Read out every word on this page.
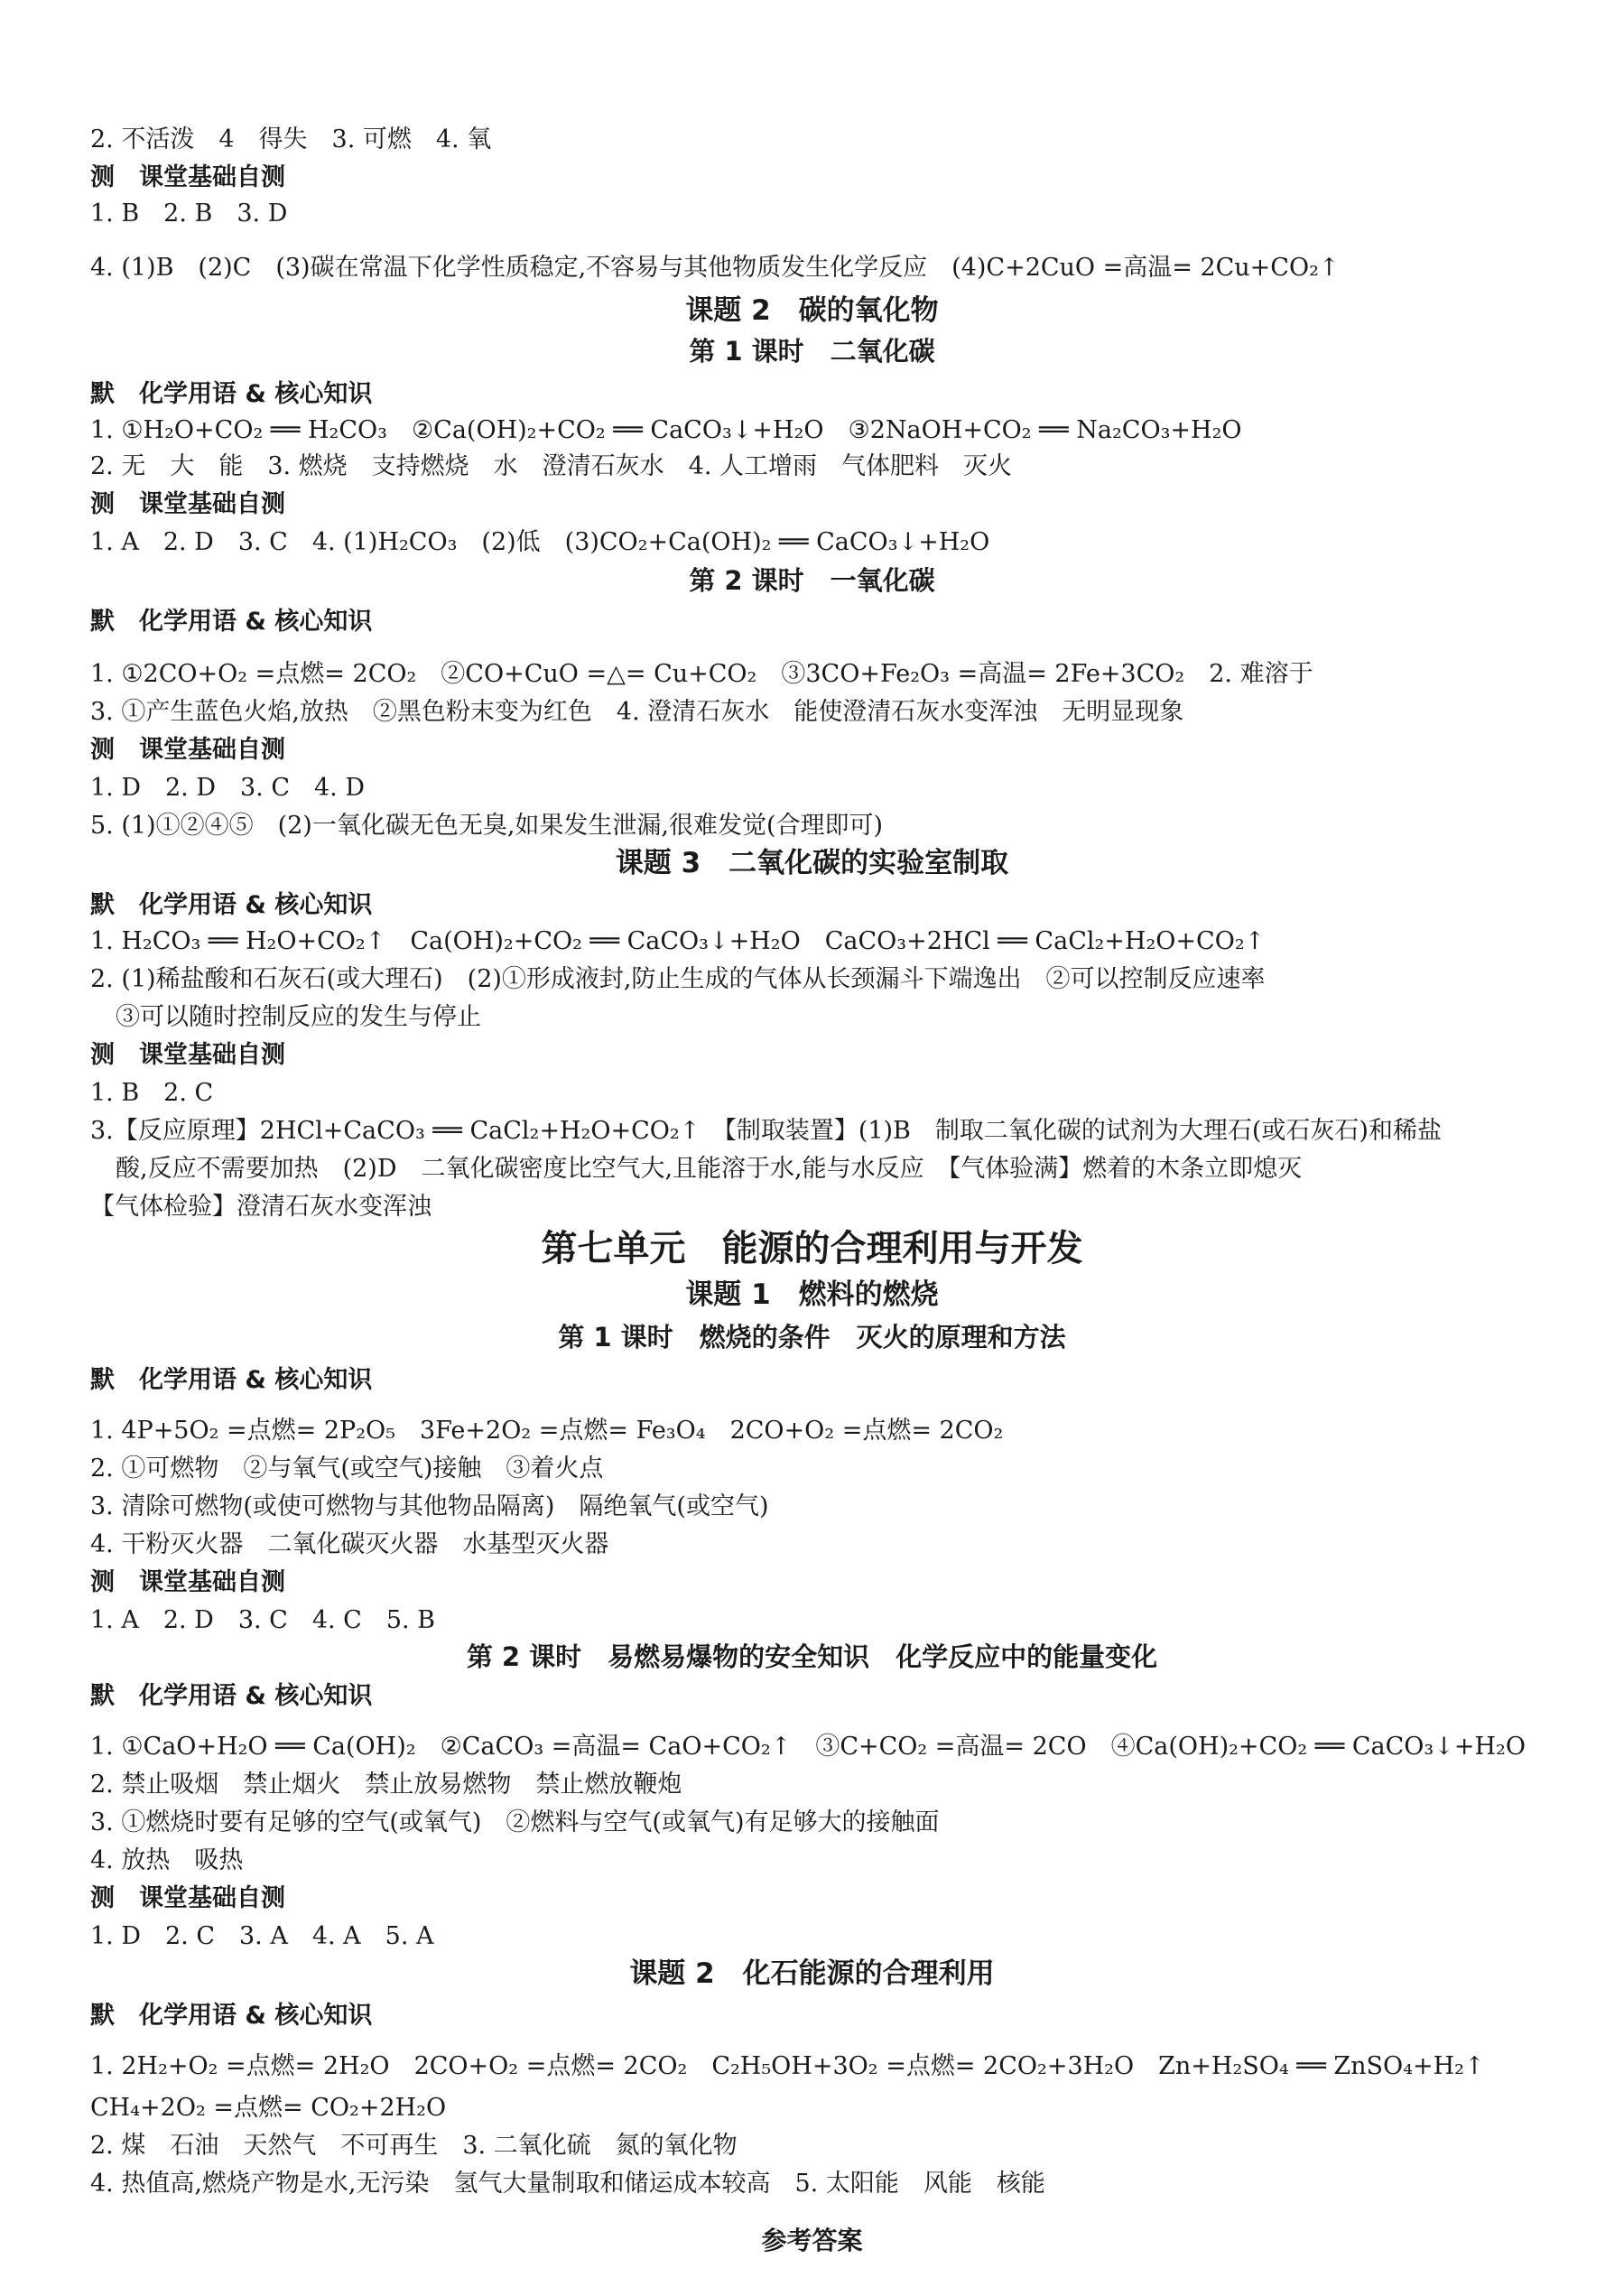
2. 不活泼　4　得失　3. 可燃　4. 氧
测　课堂基础自测
1. B　2. B　3. D
4. (1)B　(2)C　(3)碳在常温下化学性质稳定,不容易与其他物质发生化学反应　(4)C+2CuO =高温= 2Cu+CO₂↑
课题 2　碳的氧化物
第 1 课时　二氧化碳
默　化学用语 & 核心知识
1. ①H₂O+CO₂ ══ H₂CO₃　②Ca(OH)₂+CO₂ ══ CaCO₃↓+H₂O　③2NaOH+CO₂ ══ Na₂CO₃+H₂O
2. 无　大　能　3. 燃烧　支持燃烧　水　澄清石灰水　4. 人工增雨　气体肥料　灭火
测　课堂基础自测
1. A　2. D　3. C　4. (1)H₂CO₃　(2)低　(3)CO₂+Ca(OH)₂ ══ CaCO₃↓+H₂O
第 2 课时　一氧化碳
默　化学用语 & 核心知识
1. ①2CO+O₂ =点燃= 2CO₂　②CO+CuO =△= Cu+CO₂　③3CO+Fe₂O₃ =高温= 2Fe+3CO₂　2. 难溶于
3. ①产生蓝色火焰,放热　②黑色粉末变为红色　4. 澄清石灰水　能使澄清石灰水变浑浊　无明显现象
测　课堂基础自测
1. D　2. D　3. C　4. D
5. (1)①②④⑤　(2)一氧化碳无色无臭,如果发生泄漏,很难发觉(合理即可)
课题 3　二氧化碳的实验室制取
默　化学用语 & 核心知识
1. H₂CO₃ ══ H₂O+CO₂↑　Ca(OH)₂+CO₂ ══ CaCO₃↓+H₂O　CaCO₃+2HCl ══ CaCl₂+H₂O+CO₂↑
2. (1)稀盐酸和石灰石(或大理石)　(2)①形成液封,防止生成的气体从长颈漏斗下端逸出　②可以控制反应速率
③可以随时控制反应的发生与停止
测　课堂基础自测
1. B　2. C
3.【反应原理】2HCl+CaCO₃ ══ CaCl₂+H₂O+CO₂↑　【制取装置】(1)B　制取二氧化碳的试剂为大理石(或石灰石)和稀盐
酸,反应不需要加热　(2)D　二氧化碳密度比空气大,且能溶于水,能与水反应　【气体验满】燃着的木条立即熄灭
【气体检验】澄清石灰水变浑浊
第七单元　能源的合理利用与开发
课题 1　燃料的燃烧
第 1 课时　燃烧的条件　灭火的原理和方法
默　化学用语 & 核心知识
1. 4P+5O₂ =点燃= 2P₂O₅　3Fe+2O₂ =点燃= Fe₃O₄　2CO+O₂ =点燃= 2CO₂
2. ①可燃物　②与氧气(或空气)接触　③着火点
3. 清除可燃物(或使可燃物与其他物品隔离)　隔绝氧气(或空气)
4. 干粉灭火器　二氧化碳灭火器　水基型灭火器
测　课堂基础自测
1. A　2. D　3. C　4. C　5. B
第 2 课时　易燃易爆物的安全知识　化学反应中的能量变化
默　化学用语 & 核心知识
1. ①CaO+H₂O ══ Ca(OH)₂　②CaCO₃ =高温= CaO+CO₂↑　③C+CO₂ =高温= 2CO　④Ca(OH)₂+CO₂ ══ CaCO₃↓+H₂O
2. 禁止吸烟　禁止烟火　禁止放易燃物　禁止燃放鞭炮
3. ①燃烧时要有足够的空气(或氧气)　②燃料与空气(或氧气)有足够大的接触面
4. 放热　吸热
测　课堂基础自测
1. D　2. C　3. A　4. A　5. A
课题 2　化石能源的合理利用
默　化学用语 & 核心知识
1. 2H₂+O₂ =点燃= 2H₂O　2CO+O₂ =点燃= 2CO₂　C₂H₅OH+3O₂ =点燃= 2CO₂+3H₂O　Zn+H₂SO₄ ══ ZnSO₄+H₂↑
CH₄+2O₂ =点燃= CO₂+2H₂O
2. 煤　石油　天然气　不可再生　3. 二氧化硫　氮的氧化物
4. 热值高,燃烧产物是水,无污染　氢气大量制取和储运成本较高　5. 太阳能　风能　核能
参考答案
